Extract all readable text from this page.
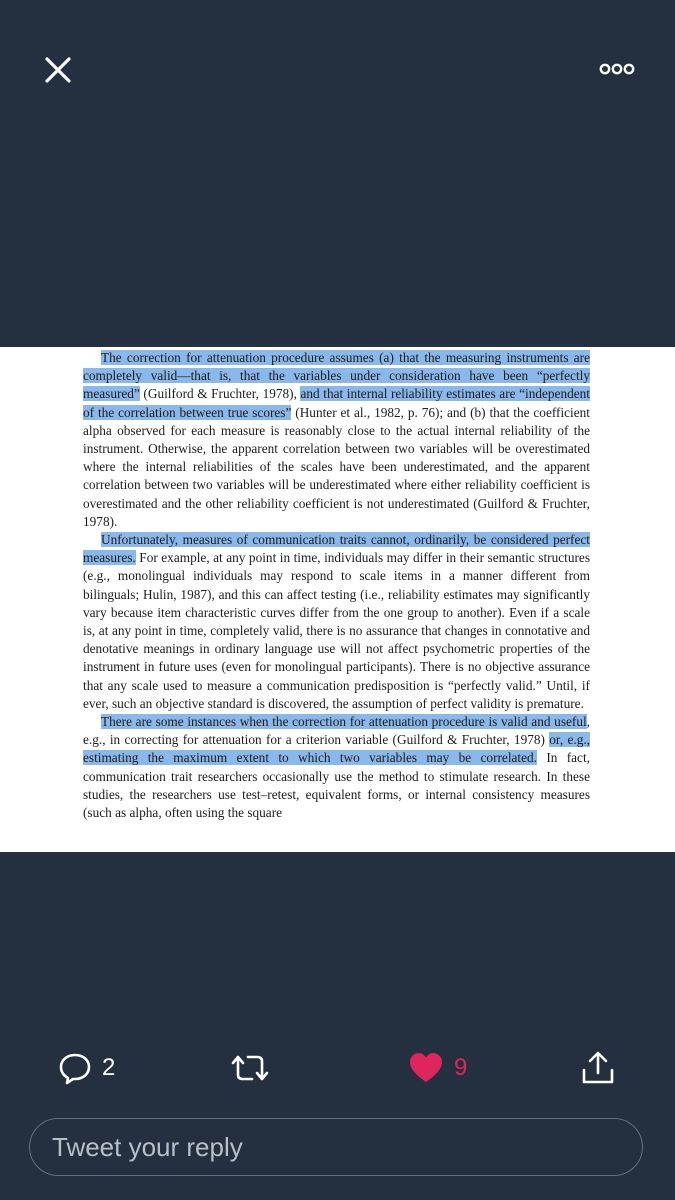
The correction for attenuation procedure assumes (a) that the measuring instruments are completely valid—that is, that the variables under consideration have been “perfectly measured” (Guilford & Fruchter, 1978), and that internal reliability estimates are “independent of the correlation between true scores” (Hunter et al., 1982, p. 76); and (b) that the coefficient alpha observed for each measure is reasonably close to the actual internal reliability of the instrument. Otherwise, the apparent correlation between two variables will be overestimated where the internal reliabilities of the scales have been underestimated, and the apparent correlation between two variables will be underestimated where either reliability coefficient is overestimated and the other reliability coefficient is not underestimated (Guilford & Fruchter, 1978).

Unfortunately, measures of communication traits cannot, ordinarily, be considered perfect measures. For example, at any point in time, individuals may differ in their semantic structures (e.g., monolingual individuals may respond to scale items in a manner different from bilinguals; Hulin, 1987), and this can affect testing (i.e., reliability estimates may significantly vary because item characteristic curves differ from the one group to another). Even if a scale is, at any point in time, completely valid, there is no assurance that changes in connotative and denotative meanings in ordinary language use will not affect psychometric properties of the instrument in future uses (even for monolingual participants). There is no objective assurance that any scale used to measure a communication predisposition is “perfectly valid.” Until, if ever, such an objective standard is discovered, the assumption of perfect validity is premature.

There are some instances when the correction for attenuation procedure is valid and useful, e.g., in correcting for attenuation for a criterion variable (Guilford & Fruchter, 1978) or, e.g., estimating the maximum extent to which two variables may be correlated. In fact, communication trait researchers occasionally use the method to stimulate research. In these studies, the researchers use test–retest, equivalent forms, or internal consistency measures (such as alpha, often using the square

2	9
Tweet your reply
